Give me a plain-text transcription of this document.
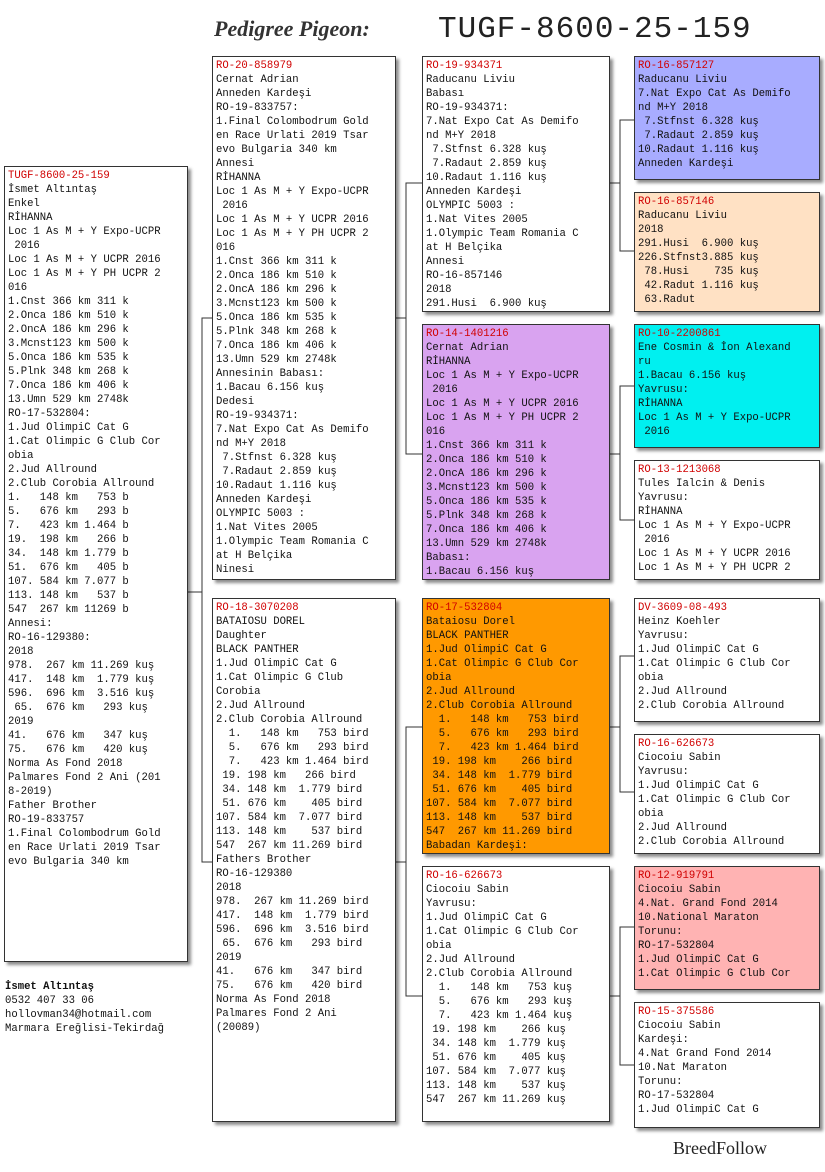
Pedigree Pigeon: TUGF-8600-25-159
TUGF-8600-25-159
İsmet Altıntaş
Enkel
RİHANNA
Loc 1 As M + Y Expo-UCPR
2016
Loc 1 As M + Y UCPR 2016
Loc 1 As M + Y PH UCPR 2
016
1.Cnst 366 km 311 k
2.Onca 186 km 510 k
2.OncA 186 km 296 k
3.Mcnst123 km 500 k
5.Onca 186 km 535 k
5.Plnk 348 km 268 k
7.Onca 186 km 406 k
13.Umn 529 km 2748k
RO-17-532804:
1.Jud OlimpiC Cat G
1.Cat Olimpic G Club Cor
obia
2.Jud Allround
2.Club Corobia Allround
1.   148 km   753 b
5.   676 km   293 b
7.   423 km 1.464 b
19.  198 km   266 b
34.  148 km 1.779 b
51.  676 km   405 b
107. 584 km 7.077 b
113. 148 km   537 b
547  267 km 11269 b
Annesi:
RO-16-129380:
2018
978.  267 km 11.269 kuş
417.  148 km  1.779 kuş
596.  696 km  3.516 kuş
65.  676 km   293 kuş
2019
41.   676 km   347 kuş
75.   676 km   420 kuş
Norma As Fond 2018
Palmares Fond 2 Ani (201
8-2019)
Father Brother
RO-19-833757
1.Final Colombodrum Gold
en Race Urlati 2019 Tsar
evo Bulgaria 340 km
RO-20-858979
Cernat Adrian
Anneden Kardeşi
RO-19-833757:
1.Final Colombodrum Gold
en Race Urlati 2019 Tsar
evo Bulgaria 340 km
Annesi
RİHANNA
Loc 1 As M + Y Expo-UCPR
2016
Loc 1 As M + Y UCPR 2016
Loc 1 As M + Y PH UCPR 2
016
1.Cnst 366 km 311 k
2.Onca 186 km 510 k
2.OncA 186 km 296 k
3.Mcnst123 km 500 k
5.Onca 186 km 535 k
5.Plnk 348 km 268 k
7.Onca 186 km 406 k
13.Umn 529 km 2748k
Annesinin Babası:
1.Bacau 6.156 kuş
Dedesi
RO-19-934371:
7.Nat Expo Cat As Demifo
nd M+Y 2018
7.Stfnst 6.328 kuş
7.Radaut 2.859 kuş
10.Radaut 1.116 kuş
Anneden Kardeşi
OLYMPIC 5003 :
1.Nat Vites 2005
1.Olympic Team Romania C
at H Belçika
Ninesi
RO-18-3070208
BATAIOSU DOREL
Daughter
BLACK PANTHER
1.Jud OlimpiC Cat G
1.Cat Olimpic G Club
Corobia
2.Jud Allround
2.Club Corobia Allround
1.   148 km   753 bird
5.   676 km   293 bird
7.   423 km 1.464 bird
19. 198 km   266 bird
34. 148 km  1.779 bird
51. 676 km    405 bird
107. 584 km  7.077 bird
113. 148 km    537 bird
547  267 km 11.269 bird
Fathers Brother
RO-16-129380
2018
978.  267 km 11.269 bird
417.  148 km  1.779 bird
596.  696 km  3.516 bird
65.  676 km   293 bird
2019
41.   676 km   347 bird
75.   676 km   420 bird
Norma As Fond 2018
Palmares Fond 2 Ani
(20089)
RO-19-934371
Raducanu Liviu
Babası
RO-19-934371:
7.Nat Expo Cat As Demifo
nd M+Y 2018
7.Stfnst 6.328 kuş
7.Radaut 2.859 kuş
10.Radaut 1.116 kuş
Anneden Kardeşi
OLYMPIC 5003 :
1.Nat Vites 2005
1.Olympic Team Romania C
at H Belçika
Annesi
RO-16-857146
2018
291.Husi  6.900 kuş
RO-14-1401216
Cernat Adrian
RİHANNA
Loc 1 As M + Y Expo-UCPR
2016
Loc 1 As M + Y UCPR 2016
Loc 1 As M + Y PH UCPR 2
016
1.Cnst 366 km 311 k
2.Onca 186 km 510 k
2.OncA 186 km 296 k
3.Mcnst123 km 500 k
5.Onca 186 km 535 k
5.Plnk 348 km 268 k
7.Onca 186 km 406 k
13.Umn 529 km 2748k
Babası:
1.Bacau 6.156 kuş
RO-17-532804
Bataiosu Dorel
BLACK PANTHER
1.Jud OlimpiC Cat G
1.Cat Olimpic G Club Cor
obia
2.Jud Allround
2.Club Corobia Allround
1.   148 km   753 bird
5.   676 km   293 bird
7.   423 km 1.464 bird
19. 198 km    266 bird
34. 148 km  1.779 bird
51. 676 km    405 bird
107. 584 km  7.077 bird
113. 148 km    537 bird
547  267 km 11.269 bird
Babadan Kardeşi:
RO-16-626673
Ciocoiu Sabin
Yavrusu:
1.Jud OlimpiC Cat G
1.Cat Olimpic G Club Cor
obia
2.Jud Allround
2.Club Corobia Allround
1.   148 km   753 kuş
5.   676 km   293 kuş
7.   423 km 1.464 kuş
19. 198 km    266 kuş
34. 148 km  1.779 kuş
51. 676 km    405 kuş
107. 584 km  7.077 kuş
113. 148 km    537 kuş
547  267 km 11.269 kuş
RO-16-857127
Raducanu Liviu
7.Nat Expo Cat As Demifo
nd M+Y 2018
7.Stfnst 6.328 kuş
7.Radaut 2.859 kuş
10.Radaut 1.116 kuş
Anneden Kardeşi
RO-16-857146
Raducanu Liviu
2018
291.Husi  6.900 kuş
226.Stfnst3.885 kuş
78.Husi    735 kuş
42.Radut 1.116 kuş
63.Radut
RO-10-2200861
Ene Cosmin & İon Alexand
ru
1.Bacau 6.156 kuş
Yavrusu:
RİHANNA
Loc 1 As M + Y Expo-UCPR
2016
RO-13-1213068
Tules Ialcin & Denis
Yavrusu:
RİHANNA
Loc 1 As M + Y Expo-UCPR
2016
Loc 1 As M + Y UCPR 2016
Loc 1 As M + Y PH UCPR 2
DV-3609-08-493
Heinz Koehler
Yavrusu:
1.Jud OlimpiC Cat G
1.Cat Olimpic G Club Cor
obia
2.Jud Allround
2.Club Corobia Allround
RO-16-626673
Ciocoiu Sabin
Yavrusu:
1.Jud OlimpiC Cat G
1.Cat Olimpic G Club Cor
obia
2.Jud Allround
2.Club Corobia Allround
RO-12-919791
Ciocoiu Sabin
4.Nat. Grand Fond 2014
10.National Maraton
Torunu:
RO-17-532804
1.Jud OlimpiC Cat G
1.Cat Olimpic G Club Cor
RO-15-375586
Ciocoiu Sabin
Kardeşi:
4.Nat Grand Fond 2014
10.Nat Maraton
Torunu:
RO-17-532804
1.Jud OlimpiC Cat G
İsmet Altıntaş
0532 407 33 06
hollovman34@hotmail.com
Marmara Ereğlisi-Tekirdağ
BreedFollow
